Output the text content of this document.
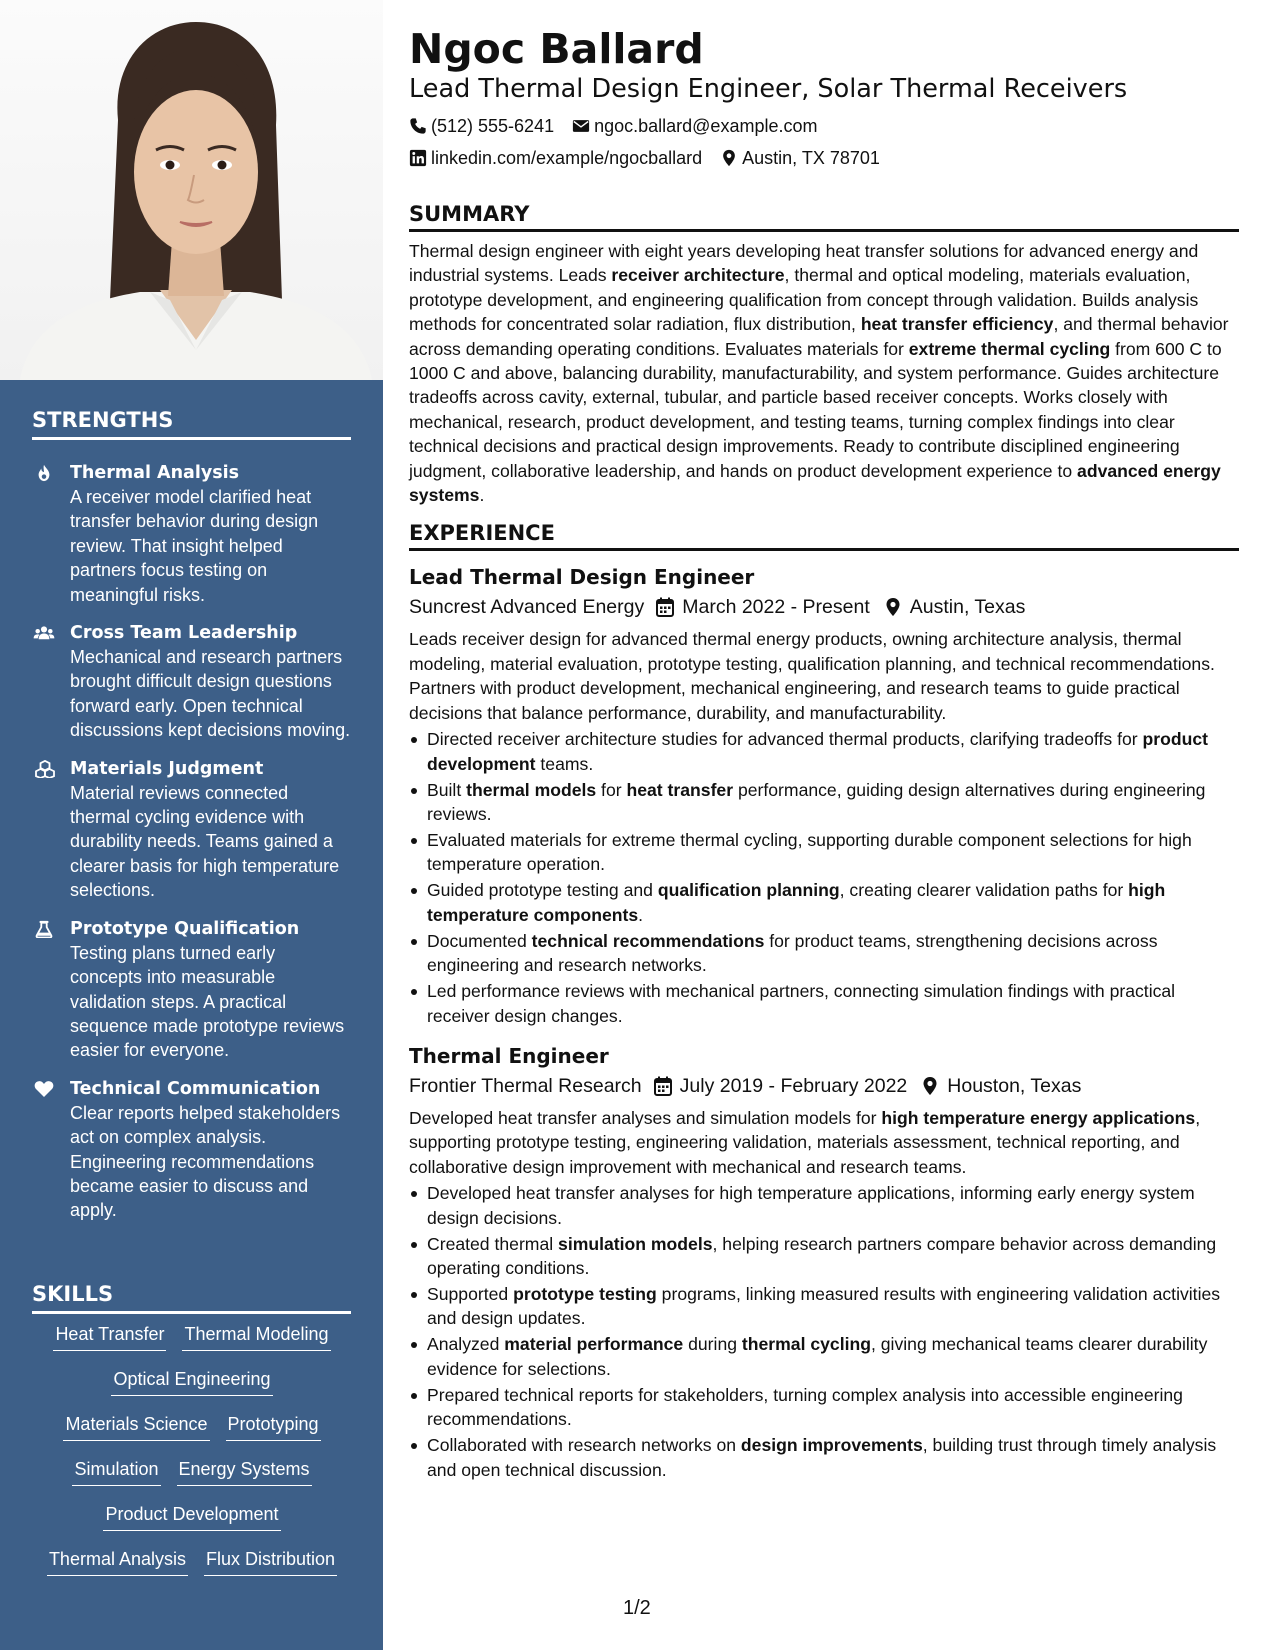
STRENGTHS
Thermal Analysis
A receiver model clarified heat transfer behavior during design review. That insight helped partners focus testing on meaningful risks.
Cross Team Leadership
Mechanical and research partners brought difficult design questions forward early. Open technical discussions kept decisions moving.
Materials Judgment
Material reviews connected thermal cycling evidence with durability needs. Teams gained a clearer basis for high temperature selections.
Prototype Qualification
Testing plans turned early concepts into measurable validation steps. A practical sequence made prototype reviews easier for everyone.
Technical Communication
Clear reports helped stakeholders act on complex analysis. Engineering recommendations became easier to discuss and apply.
SKILLS
Heat Transfer Thermal Modeling
Optical Engineering
Materials Science Prototyping
Simulation Energy Systems
Product Development
Thermal Analysis Flux Distribution
Ngoc Ballard
Lead Thermal Design Engineer, Solar Thermal Receivers
(512) 555-6241 ngoc.ballard@example.com
linkedin.com/example/ngocballard Austin, TX 78701
SUMMARY

Thermal design engineer with eight years developing heat transfer solutions for advanced energy and industrial systems. Leads receiver architecture, thermal and optical modeling, materials evaluation, prototype development, and engineering qualification from concept through validation. Builds analysis methods for concentrated solar radiation, flux distribution, heat transfer efficiency, and thermal behavior across demanding operating conditions. Evaluates materials for extreme thermal cycling from 600 C to 1000 C and above, balancing durability, manufacturability, and system performance. Guides architecture tradeoffs across cavity, external, tubular, and particle based receiver concepts. Works closely with mechanical, research, product development, and testing teams, turning complex findings into clear technical decisions and practical design improvements. Ready to contribute disciplined engineering judgment, collaborative leadership, and hands on product development experience to advanced energy systems.

EXPERIENCE
Lead Thermal Design Engineer
Suncrest Advanced Energy March 2022 - Present Austin, Texas

Leads receiver design for advanced thermal energy products, owning architecture analysis, thermal modeling, material evaluation, prototype testing, qualification planning, and technical recommendations. Partners with product development, mechanical engineering, and research teams to guide practical decisions that balance performance, durability, and manufacturability.

Directed receiver architecture studies for advanced thermal products, clarifying tradeoffs for product development teams.
Built thermal models for heat transfer performance, guiding design alternatives during engineering reviews.
Evaluated materials for extreme thermal cycling, supporting durable component selections for high temperature operation.
Guided prototype testing and qualification planning, creating clearer validation paths for high temperature components.
Documented technical recommendations for product teams, strengthening decisions across engineering and research networks.
Led performance reviews with mechanical partners, connecting simulation findings with practical receiver design changes.
Thermal Engineer
Frontier Thermal Research July 2019 - February 2022 Houston, Texas

Developed heat transfer analyses and simulation models for high temperature energy applications, supporting prototype testing, engineering validation, materials assessment, technical reporting, and collaborative design improvement with mechanical and research teams.

Developed heat transfer analyses for high temperature applications, informing early energy system design decisions.
Created thermal simulation models, helping research partners compare behavior across demanding operating conditions.
Supported prototype testing programs, linking measured results with engineering validation activities and design updates.
Analyzed material performance during thermal cycling, giving mechanical teams clearer durability evidence for selections.
Prepared technical reports for stakeholders, turning complex analysis into accessible engineering recommendations.
Collaborated with research networks on design improvements, building trust through timely analysis and open technical discussion.
1/2
